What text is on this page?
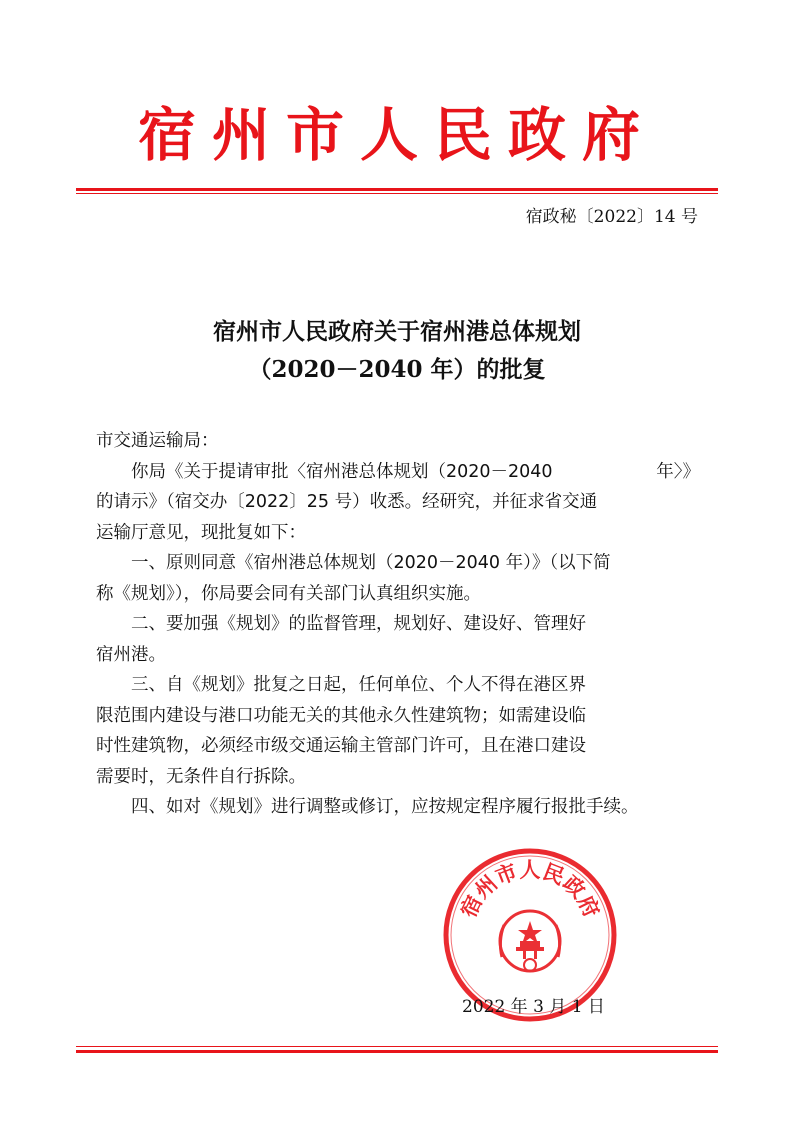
宿州市人民政府
宿政秘〔2022〕14 号
宿州市人民政府关于宿州港总体规划
（2020－2040 年）的批复
市交通运输局：
你局《关于提请审批〈宿州港总体规划（2020－2040	年〉》
的请示》（宿交办〔2022〕25 号）收悉。经研究，并征求省交通
运输厅意见，现批复如下：
一、原则同意《宿州港总体规划（2020－2040 年）》（以下简
称《规划》），你局要会同有关部门认真组织实施。
二、要加强《规划》的监督管理，规划好、建设好、管理好
宿州港。
三、自《规划》批复之日起，任何单位、个人不得在港区界
限范围内建设与港口功能无关的其他永久性建筑物；如需建设临
时性建筑物，必须经市级交通运输主管部门许可，且在港口建设
需要时，无条件自行拆除。
四、如对《规划》进行调整或修订，应按规定程序履行报批手续。
宿
州
市 人 民
政
府
2022 年 3 月 1 日
